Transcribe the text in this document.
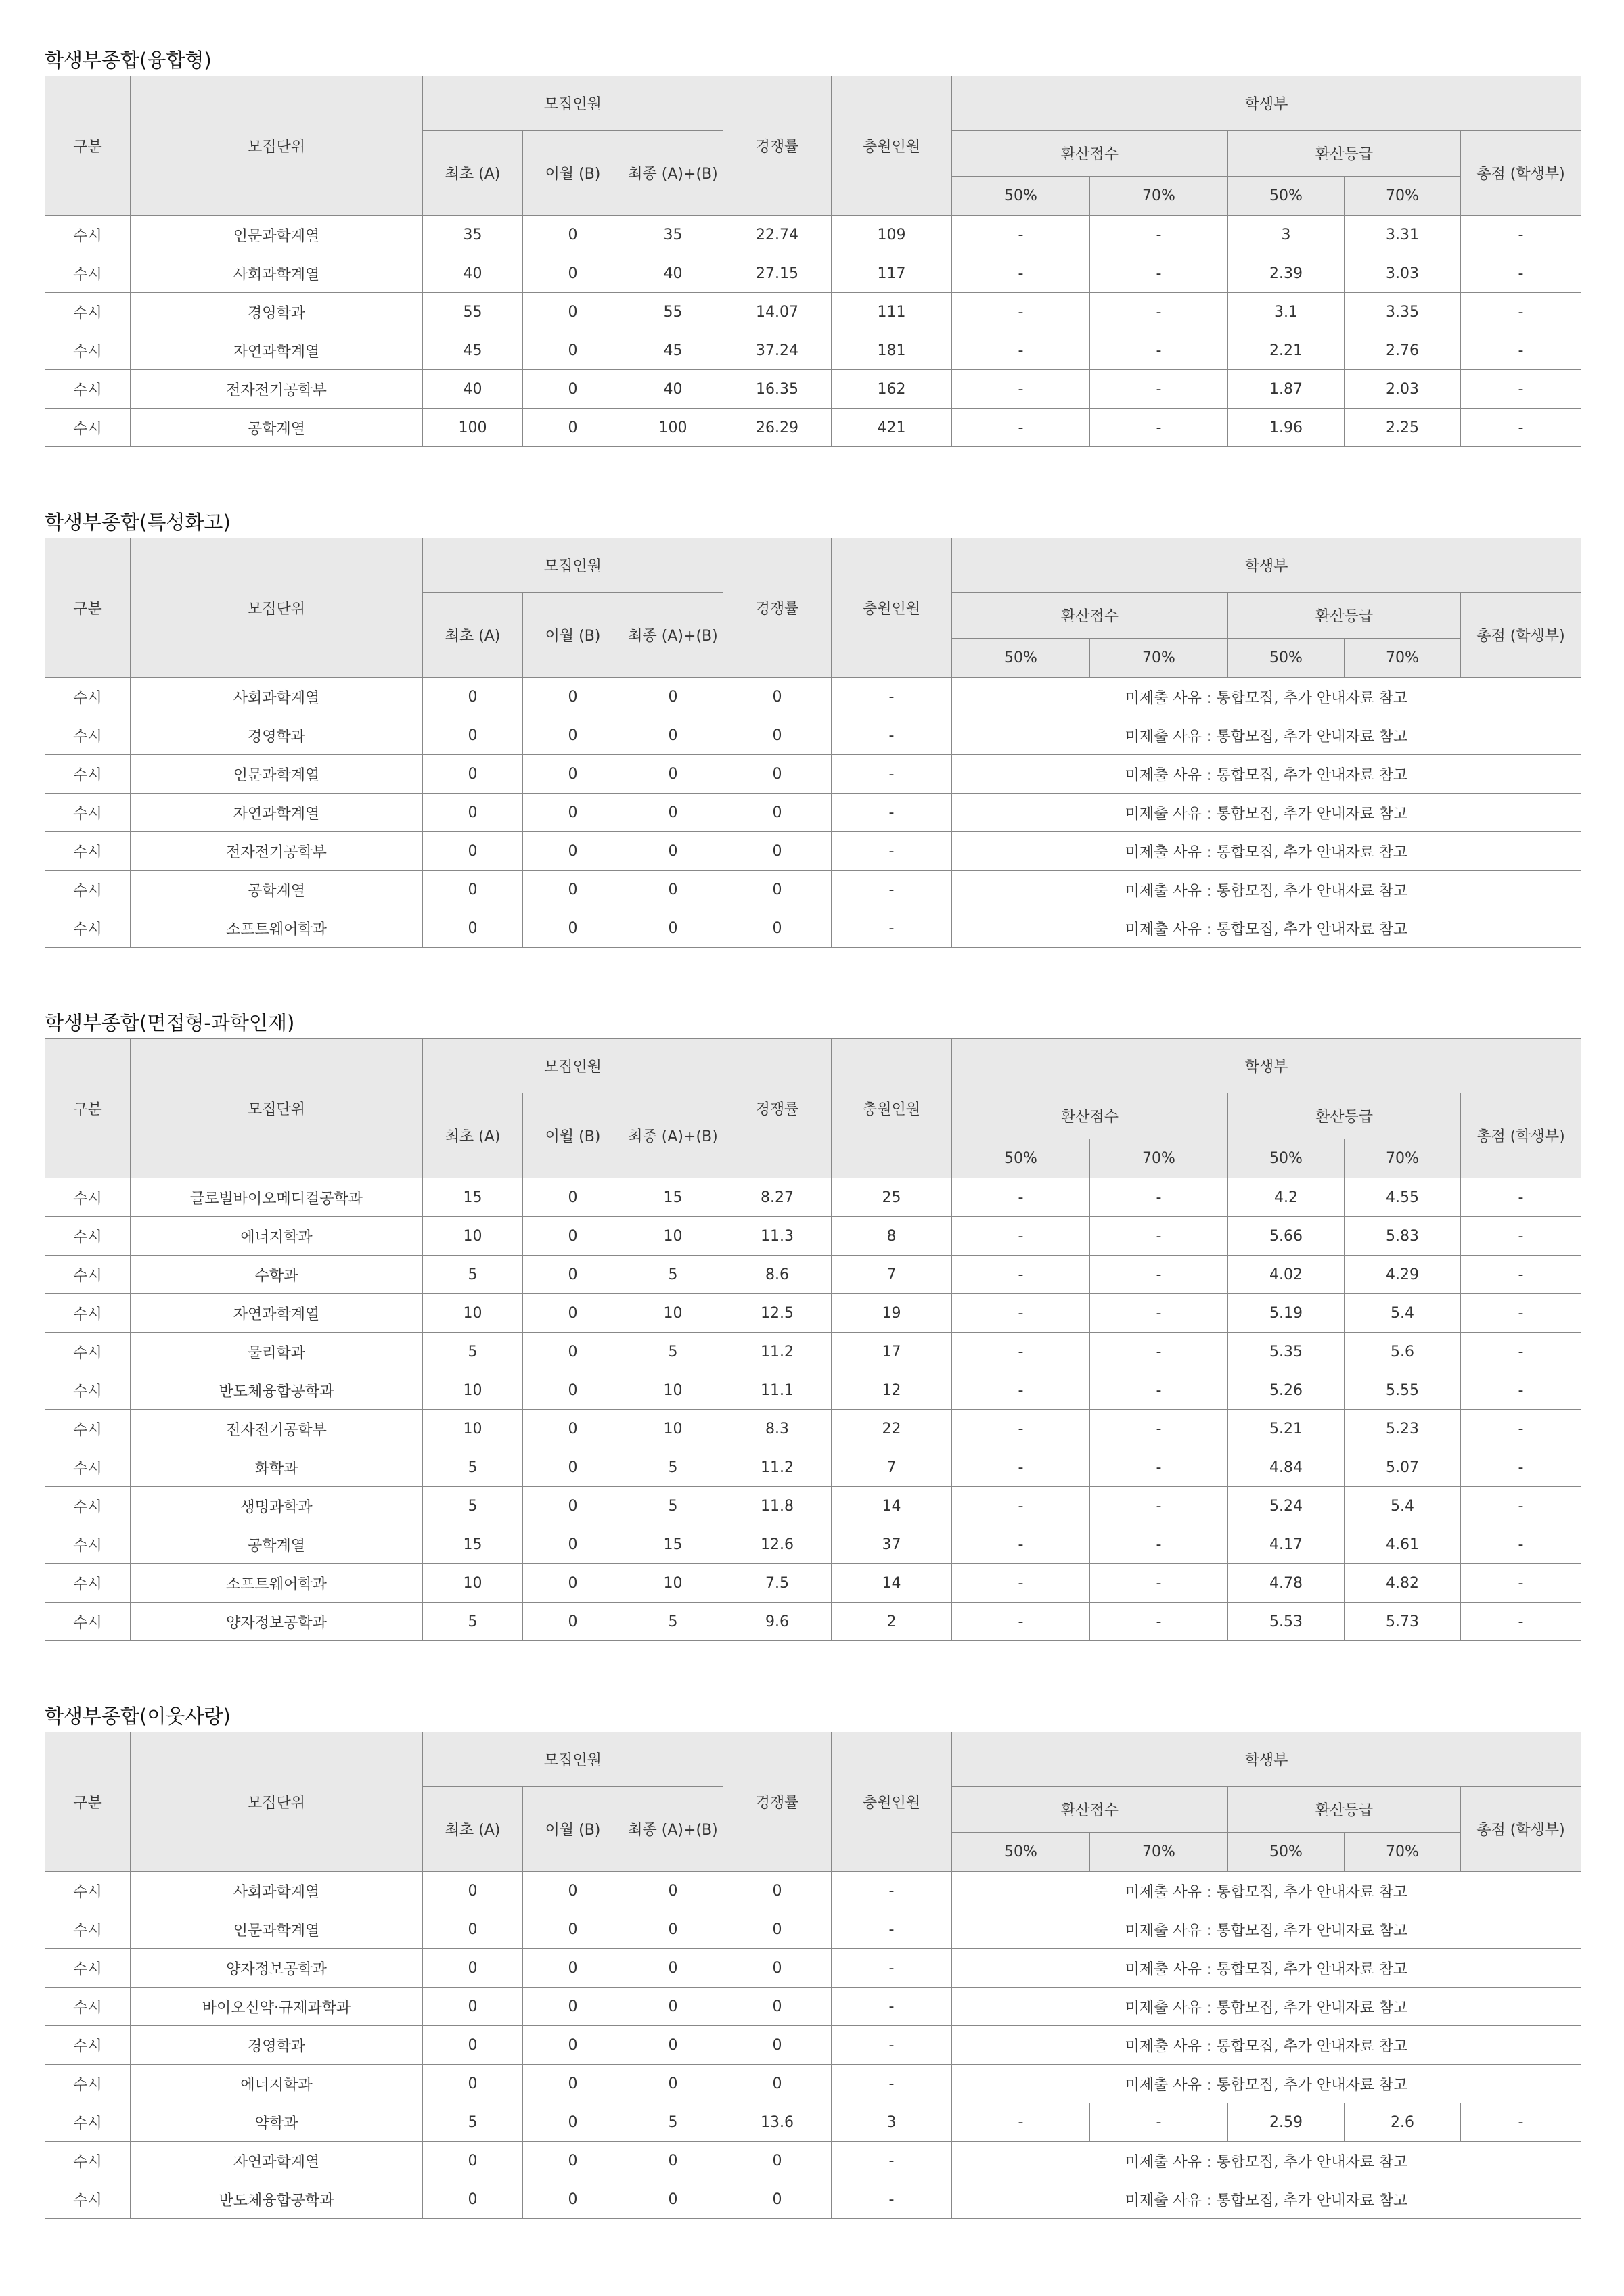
학생부종합(융합형)
구분	모집단위	모집인원			경쟁률	충원인원	학생부				
		최초 (A)	이월 (B)	최종 (A)+(B)			환산점수		환산등급		총점 (학생부)
							50%	70%	50%	70%	
수시	인문과학계열	35	0	35	22.74	109	-	-	3	3.31	-
수시	사회과학계열	40	0	40	27.15	117	-	-	2.39	3.03	-
수시	경영학과	55	0	55	14.07	111	-	-	3.1	3.35	-
수시	자연과학계열	45	0	45	37.24	181	-	-	2.21	2.76	-
수시	전자전기공학부	40	0	40	16.35	162	-	-	1.87	2.03	-
수시	공학계열	100	0	100	26.29	421	-	-	1.96	2.25	-
학생부종합(특성화고)
구분	모집단위	모집인원			경쟁률	충원인원	학생부				
		최초 (A)	이월 (B)	최종 (A)+(B)			환산점수		환산등급		총점 (학생부)
							50%	70%	50%	70%	
수시	사회과학계열	0	0	0	0	-	미제출 사유 : 통합모집, 추가 안내자료 참고				
수시	경영학과	0	0	0	0	-	미제출 사유 : 통합모집, 추가 안내자료 참고				
수시	인문과학계열	0	0	0	0	-	미제출 사유 : 통합모집, 추가 안내자료 참고				
수시	자연과학계열	0	0	0	0	-	미제출 사유 : 통합모집, 추가 안내자료 참고				
수시	전자전기공학부	0	0	0	0	-	미제출 사유 : 통합모집, 추가 안내자료 참고				
수시	공학계열	0	0	0	0	-	미제출 사유 : 통합모집, 추가 안내자료 참고				
수시	소프트웨어학과	0	0	0	0	-	미제출 사유 : 통합모집, 추가 안내자료 참고				
학생부종합(면접형-과학인재)
구분	모집단위	모집인원			경쟁률	충원인원	학생부				
		최초 (A)	이월 (B)	최종 (A)+(B)			환산점수		환산등급		총점 (학생부)
							50%	70%	50%	70%	
수시	글로벌바이오메디컬공학과	15	0	15	8.27	25	-	-	4.2	4.55	-
수시	에너지학과	10	0	10	11.3	8	-	-	5.66	5.83	-
수시	수학과	5	0	5	8.6	7	-	-	4.02	4.29	-
수시	자연과학계열	10	0	10	12.5	19	-	-	5.19	5.4	-
수시	물리학과	5	0	5	11.2	17	-	-	5.35	5.6	-
수시	반도체융합공학과	10	0	10	11.1	12	-	-	5.26	5.55	-
수시	전자전기공학부	10	0	10	8.3	22	-	-	5.21	5.23	-
수시	화학과	5	0	5	11.2	7	-	-	4.84	5.07	-
수시	생명과학과	5	0	5	11.8	14	-	-	5.24	5.4	-
수시	공학계열	15	0	15	12.6	37	-	-	4.17	4.61	-
수시	소프트웨어학과	10	0	10	7.5	14	-	-	4.78	4.82	-
수시	양자정보공학과	5	0	5	9.6	2	-	-	5.53	5.73	-
학생부종합(이웃사랑)
구분	모집단위	모집인원			경쟁률	충원인원	학생부				
		최초 (A)	이월 (B)	최종 (A)+(B)			환산점수		환산등급		총점 (학생부)
							50%	70%	50%	70%	
수시	사회과학계열	0	0	0	0	-	미제출 사유 : 통합모집, 추가 안내자료 참고				
수시	인문과학계열	0	0	0	0	-	미제출 사유 : 통합모집, 추가 안내자료 참고				
수시	양자정보공학과	0	0	0	0	-	미제출 사유 : 통합모집, 추가 안내자료 참고				
수시	바이오신약·규제과학과	0	0	0	0	-	미제출 사유 : 통합모집, 추가 안내자료 참고				
수시	경영학과	0	0	0	0	-	미제출 사유 : 통합모집, 추가 안내자료 참고				
수시	에너지학과	0	0	0	0	-	미제출 사유 : 통합모집, 추가 안내자료 참고				
수시	약학과	5	0	5	13.6	3	-	-	2.59	2.6	-
수시	자연과학계열	0	0	0	0	-	미제출 사유 : 통합모집, 추가 안내자료 참고				
수시	반도체융합공학과	0	0	0	0	-	미제출 사유 : 통합모집, 추가 안내자료 참고				
